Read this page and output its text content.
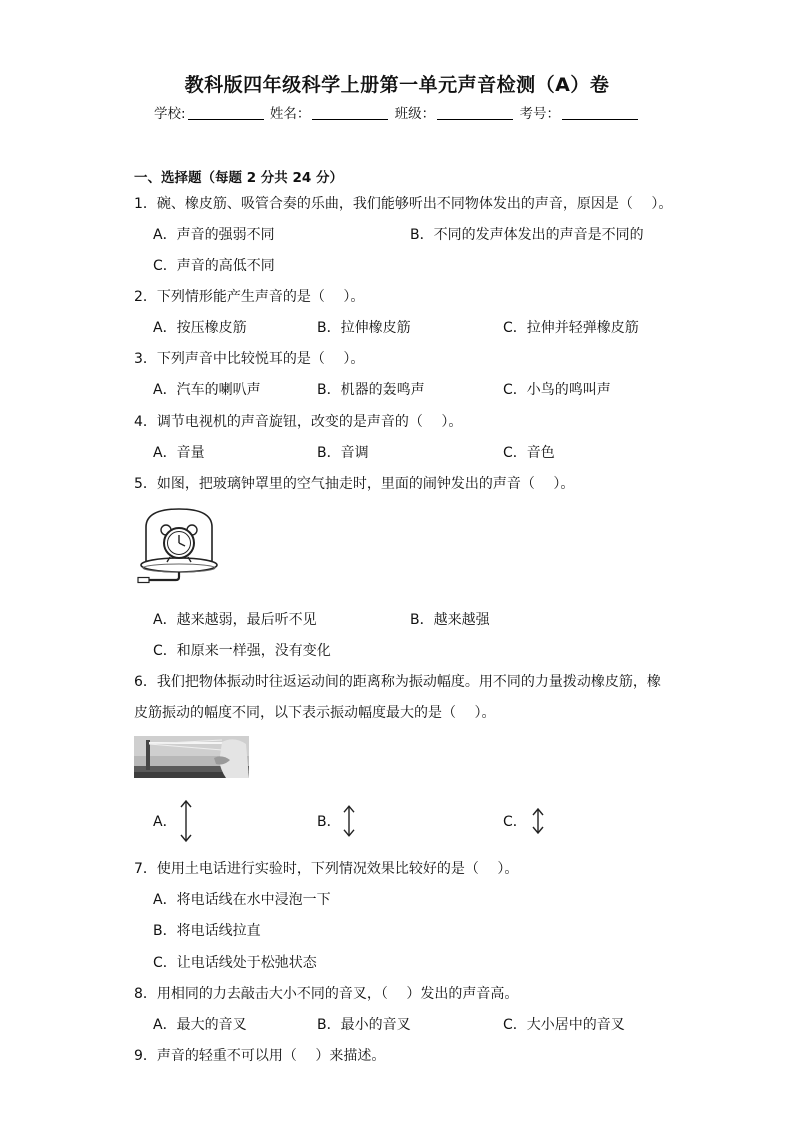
教科版四年级科学上册第一单元声音检测（A）卷
学校:	姓名：	班级：	考号：
一、选择题（每题 2 分共 24 分）
1．碗、橡皮筋、吸管合奏的乐曲，我们能够听出不同物体发出的声音，原因是（　 ）。
A．声音的强弱不同	B．不同的发声体发出的声音是不同的
C．声音的高低不同
2．下列情形能产生声音的是（　 ）。
A．按压橡皮筋	B．拉伸橡皮筋	C．拉伸并轻弹橡皮筋
3．下列声音中比较悦耳的是（　 ）。
A．汽车的喇叭声	B．机器的轰鸣声	C．小鸟的鸣叫声
4．调节电视机的声音旋钮，改变的是声音的（　 ）。
A．音量	B．音调	C．音色
5．如图，把玻璃钟罩里的空气抽走时，里面的闹钟发出的声音（　 ）。
A．越来越弱，最后听不见	B．越来越强
C．和原来一样强，没有变化
6．我们把物体振动时往返运动间的距离称为振动幅度。用不同的力量拨动橡皮筋，橡
皮筋振动的幅度不同，以下表示振动幅度最大的是（　 ）。
A．	B．	C．
7．使用土电话进行实验时，下列情况效果比较好的是（　 ）。
A．将电话线在水中浸泡一下
B．将电话线拉直
C．让电话线处于松弛状态
8．用相同的力去敲击大小不同的音叉，（　 ）发出的声音高。
A．最大的音叉	B．最小的音叉	C．大小居中的音叉
9．声音的轻重不可以用（　 ）来描述。
